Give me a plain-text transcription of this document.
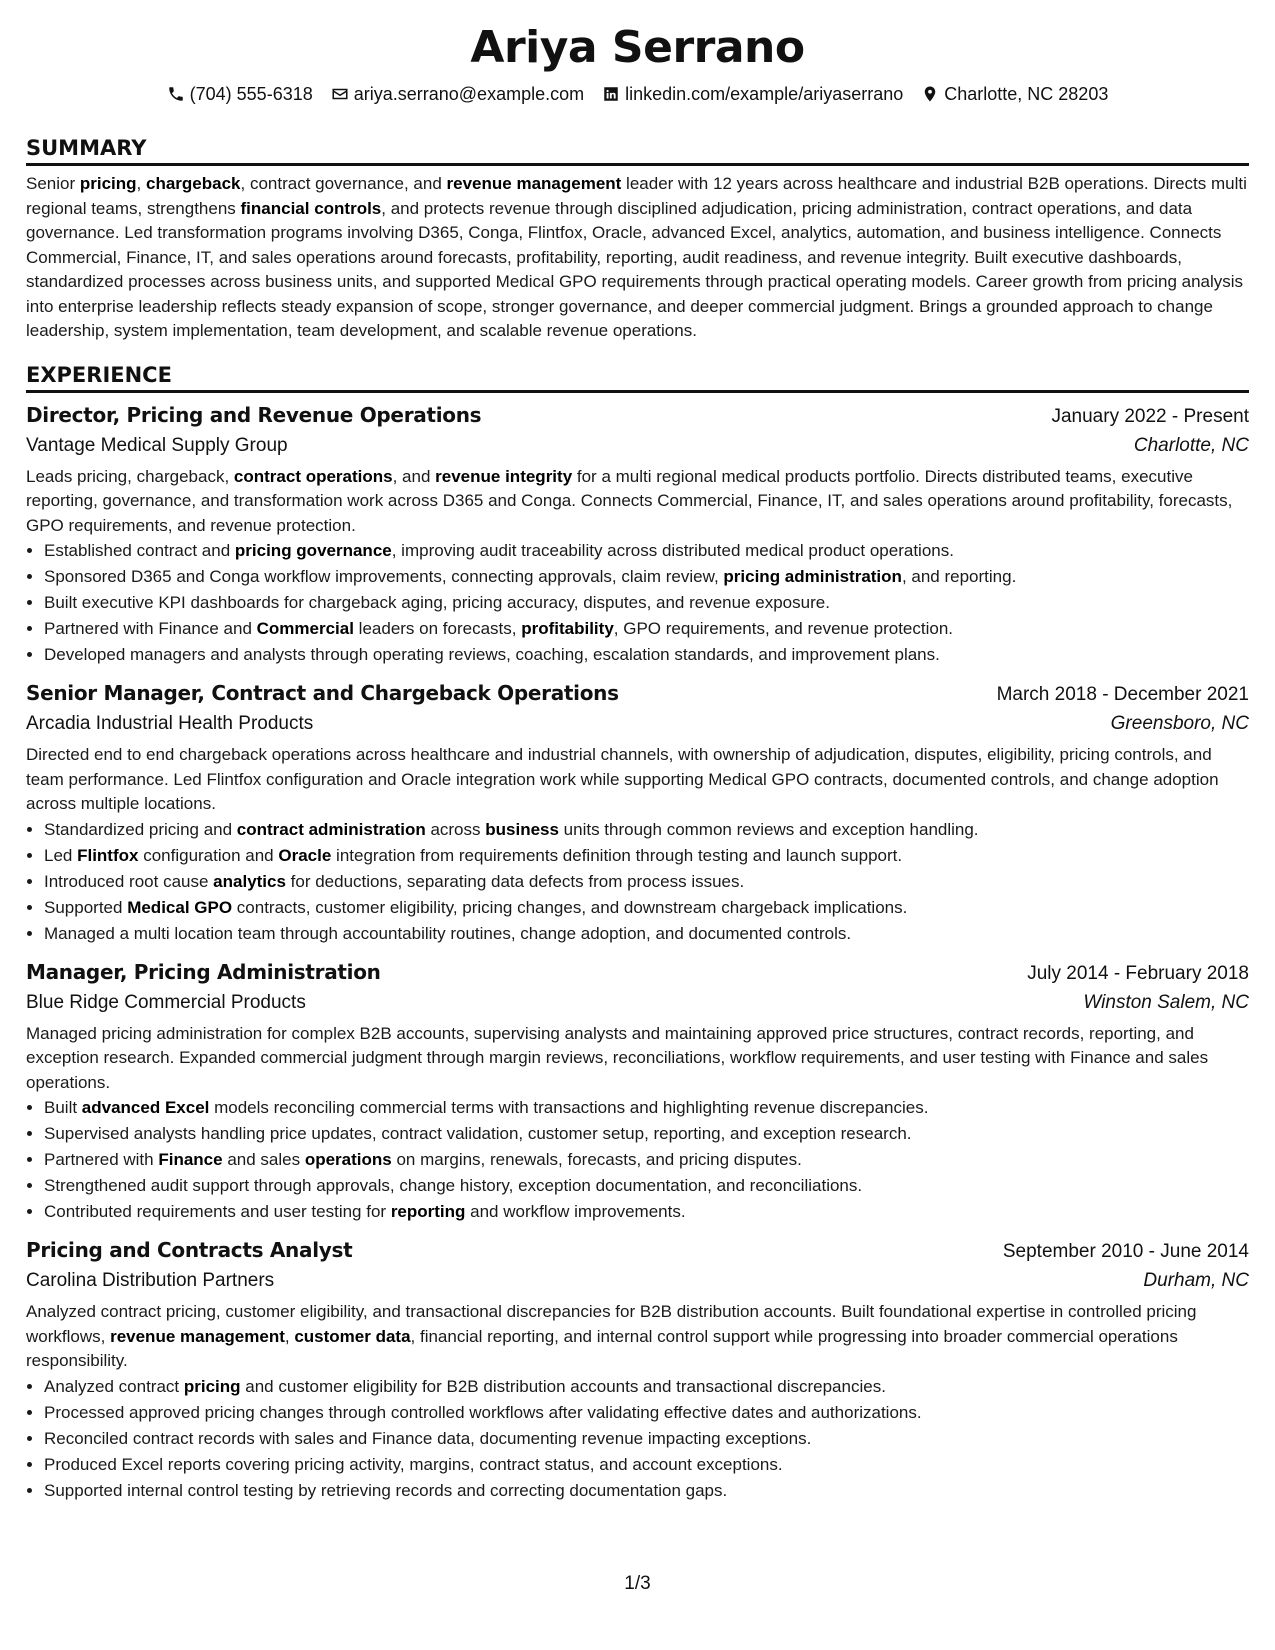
Ariya Serrano
(704) 555-6318 ariya.serrano@example.com linkedin.com/example/ariyaserrano Charlotte, NC 28203
SUMMARY

Senior pricing, chargeback, contract governance, and revenue management leader with 12 years across healthcare and industrial B2B operations. Directs multi regional teams, strengthens financial controls, and protects revenue through disciplined adjudication, pricing administration, contract operations, and data governance. Led transformation programs involving D365, Conga, Flintfox, Oracle, advanced Excel, analytics, automation, and business intelligence. Connects Commercial, Finance, IT, and sales operations around forecasts, profitability, reporting, audit readiness, and revenue integrity. Built executive dashboards, standardized processes across business units, and supported Medical GPO requirements through practical operating models. Career growth from pricing analysis into enterprise leadership reflects steady expansion of scope, stronger governance, and deeper commercial judgment. Brings a grounded approach to change leadership, system implementation, team development, and scalable revenue operations.

EXPERIENCE
Director, Pricing and Revenue Operations	January 2022 - Present
Vantage Medical Supply Group	Charlotte, NC

Leads pricing, chargeback, contract operations, and revenue integrity for a multi regional medical products portfolio. Directs distributed teams, executive reporting, governance, and transformation work across D365 and Conga. Connects Commercial, Finance, IT, and sales operations around profitability, forecasts, GPO requirements, and revenue protection.

• Established contract and pricing governance, improving audit traceability across distributed medical product operations.
• Sponsored D365 and Conga workflow improvements, connecting approvals, claim review, pricing administration, and reporting.
• Built executive KPI dashboards for chargeback aging, pricing accuracy, disputes, and revenue exposure.
• Partnered with Finance and Commercial leaders on forecasts, profitability, GPO requirements, and revenue protection.
• Developed managers and analysts through operating reviews, coaching, escalation standards, and improvement plans.
Senior Manager, Contract and Chargeback Operations	March 2018 - December 2021
Arcadia Industrial Health Products	Greensboro, NC

Directed end to end chargeback operations across healthcare and industrial channels, with ownership of adjudication, disputes, eligibility, pricing controls, and team performance. Led Flintfox configuration and Oracle integration work while supporting Medical GPO contracts, documented controls, and change adoption across multiple locations.

• Standardized pricing and contract administration across business units through common reviews and exception handling.
• Led Flintfox configuration and Oracle integration from requirements definition through testing and launch support.
• Introduced root cause analytics for deductions, separating data defects from process issues.
• Supported Medical GPO contracts, customer eligibility, pricing changes, and downstream chargeback implications.
• Managed a multi location team through accountability routines, change adoption, and documented controls.
Manager, Pricing Administration	July 2014 - February 2018
Blue Ridge Commercial Products	Winston Salem, NC

Managed pricing administration for complex B2B accounts, supervising analysts and maintaining approved price structures, contract records, reporting, and exception research. Expanded commercial judgment through margin reviews, reconciliations, workflow requirements, and user testing with Finance and sales operations.

• Built advanced Excel models reconciling commercial terms with transactions and highlighting revenue discrepancies.
• Supervised analysts handling price updates, contract validation, customer setup, reporting, and exception research.
• Partnered with Finance and sales operations on margins, renewals, forecasts, and pricing disputes.
• Strengthened audit support through approvals, change history, exception documentation, and reconciliations.
• Contributed requirements and user testing for reporting and workflow improvements.
Pricing and Contracts Analyst	September 2010 - June 2014
Carolina Distribution Partners	Durham, NC

Analyzed contract pricing, customer eligibility, and transactional discrepancies for B2B distribution accounts. Built foundational expertise in controlled pricing workflows, revenue management, customer data, financial reporting, and internal control support while progressing into broader commercial operations responsibility.

• Analyzed contract pricing and customer eligibility for B2B distribution accounts and transactional discrepancies.
• Processed approved pricing changes through controlled workflows after validating effective dates and authorizations.
• Reconciled contract records with sales and Finance data, documenting revenue impacting exceptions.
• Produced Excel reports covering pricing activity, margins, contract status, and account exceptions.
• Supported internal control testing by retrieving records and correcting documentation gaps.
1/3
